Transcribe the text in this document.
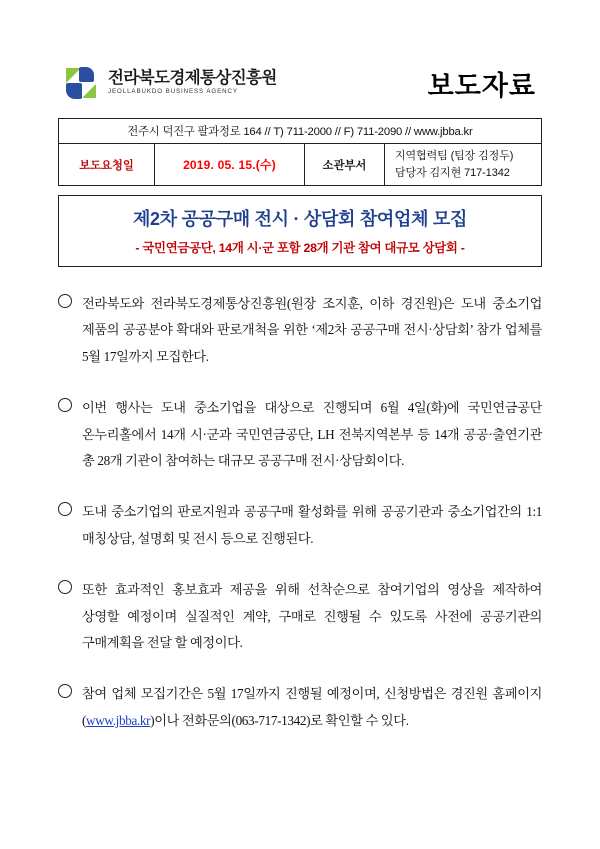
전라북도경제통상진흥원
JEOLLABUKDO BUSINESS AGENCY	보도자료
전주시 덕진구 팔과정로 164 // T) 711-2000 // F) 711-2090 // www.jbba.kr
보도요청일	2019. 05. 15.(수)	소관부서	
지역협력팀 (팀장 김정두)
담당자 김지현 717-1342
제2차 공공구매 전시 · 상담회 참여업체 모집
- 국민연금공단, 14개 시·군 포함 28개 기관 참여 대규모 상담회 -
전라북도와 전라북도경제통상진흥원(원장 조지훈, 이하 경진원)은 도내 중소기업 제품의 공공분야 확대와 판로개척을 위한 ‘제2차 공공구매 전시·상담회’ 참가 업체를 5월 17일까지 모집한다.
이번 행사는 도내 중소기업을 대상으로 진행되며 6월 4일(화)에 국민연금공단 온누리홀에서 14개 시·군과 국민연금공단, LH 전북지역본부 등 14개 공공·출연기관 총 28개 기관이 참여하는 대규모 공공구매 전시·상담회이다.
도내 중소기업의 판로지원과 공공구매 활성화를 위해 공공기관과 중소기업간의 1:1 매칭상담, 설명회 및 전시 등으로 진행된다.
또한 효과적인 홍보효과 제공을 위해 선착순으로 참여기업의 영상을 제작하여 상영할 예정이며 실질적인 계약, 구매로 진행될 수 있도록 사전에 공공기관의 구매계획을 전달 할 예정이다.
참여 업체 모집기간은 5월 17일까지 진행될 예정이며, 신청방법은 경진원 홈페이지(www.jbba.kr)이나 전화문의(063-717-1342)로 확인할 수 있다.
